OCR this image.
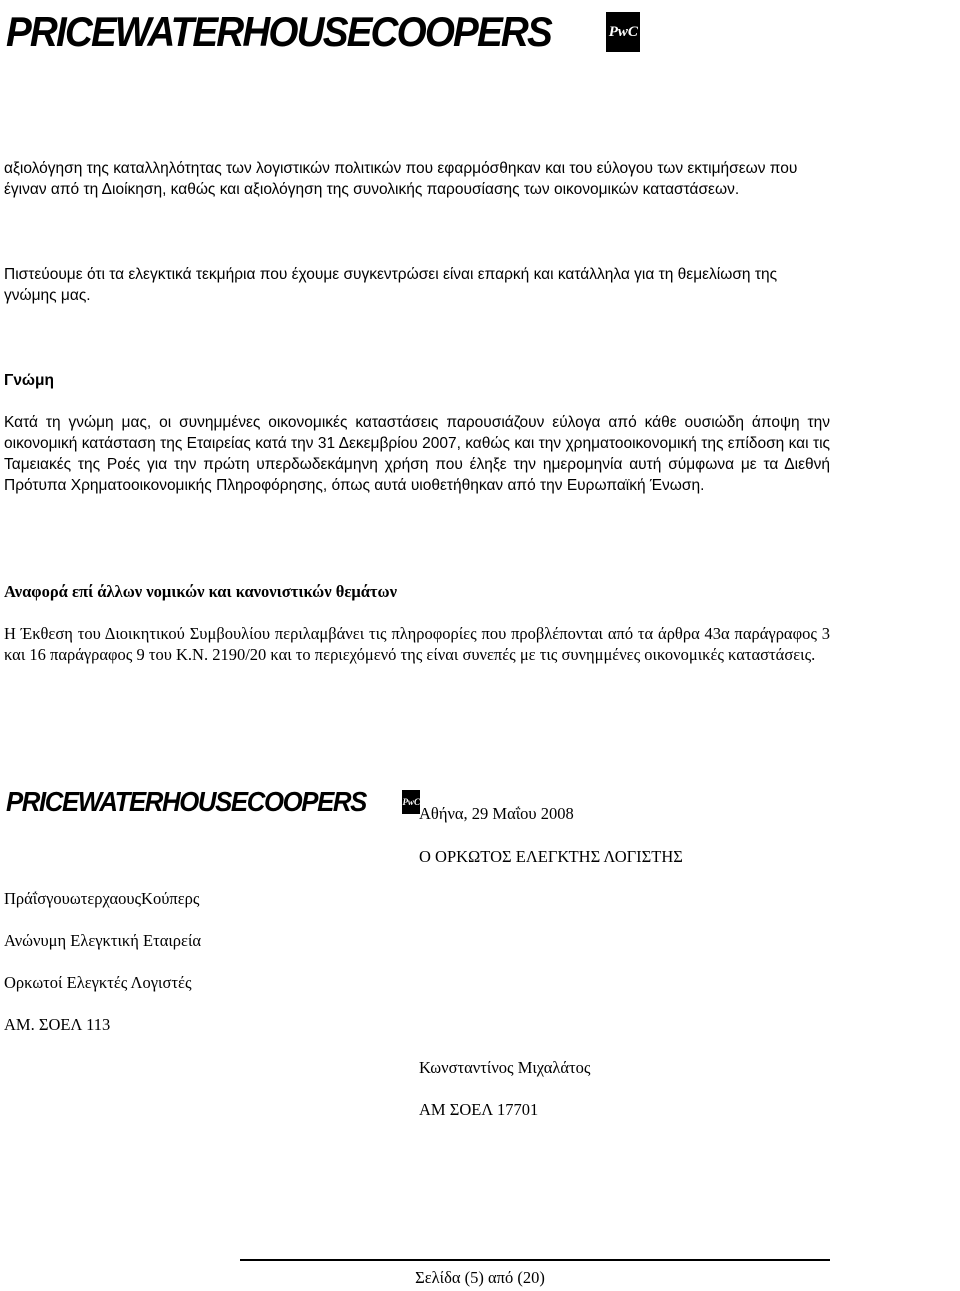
PRICEWATERHOUSECOOPERS	PwC

αξιολόγηση της καταλληλότητας των λογιστικών πολιτικών που εφαρμόσθηκαν και του εύλογου των εκτιμήσεων που έγιναν από τη Διοίκηση, καθώς και αξιολόγηση της συνολικής παρουσίασης των οικονομικών καταστάσεων.

Πιστεύουμε ότι τα ελεγκτικά τεκμήρια που έχουμε συγκεντρώσει είναι επαρκή και κατάλληλα για τη θεμελίωση της γνώμης μας.

Γνώμη

Κατά τη γνώμη μας, οι συνημμένες οικονομικές καταστάσεις παρουσιάζουν εύλογα από κάθε ουσιώδη άποψη την οικονομική κατάσταση της Εταιρείας κατά την 31 Δεκεμβρίου 2007, καθώς και την χρηματοοικονομική της επίδοση και τις Ταμειακές της Ροές για την πρώτη υπερδωδεκάμηνη χρήση που έληξε την ημερομηνία αυτή σύμφωνα με τα Διεθνή Πρότυπα Χρηματοοικονομικής Πληροφόρησης, όπως αυτά υιοθετήθηκαν από την Ευρωπαϊκή Ένωση.

Αναφορά επί άλλων νομικών και κανονιστικών θεμάτων

Η Έκθεση του Διοικητικού Συμβουλίου περιλαμβάνει τις πληροφορίες που προβλέπονται από τα άρθρα 43α παράγραφος 3 και 16 παράγραφος 9 του Κ.Ν. 2190/20 και το περιεχόμενό της είναι συνεπές με τις συνημμένες οικονομικές καταστάσεις.

PRICEWATERHOUSECOOPERS	PwC

Αθήνα, 29 Μαΐου 2008

Ο ΟΡΚΩΤΟΣ ΕΛΕΓΚΤΗΣ ΛΟΓΙΣΤΗΣ

ΠράΐσγουωτερχαουςΚούπερς

Ανώνυμη Ελεγκτική Εταιρεία

Ορκωτοί Ελεγκτές Λογιστές

ΑΜ. ΣΟΕΛ 113

Κωνσταντίνος Μιχαλάτος

ΑΜ ΣΟΕΛ 17701

Σελίδα (5) από (20)
